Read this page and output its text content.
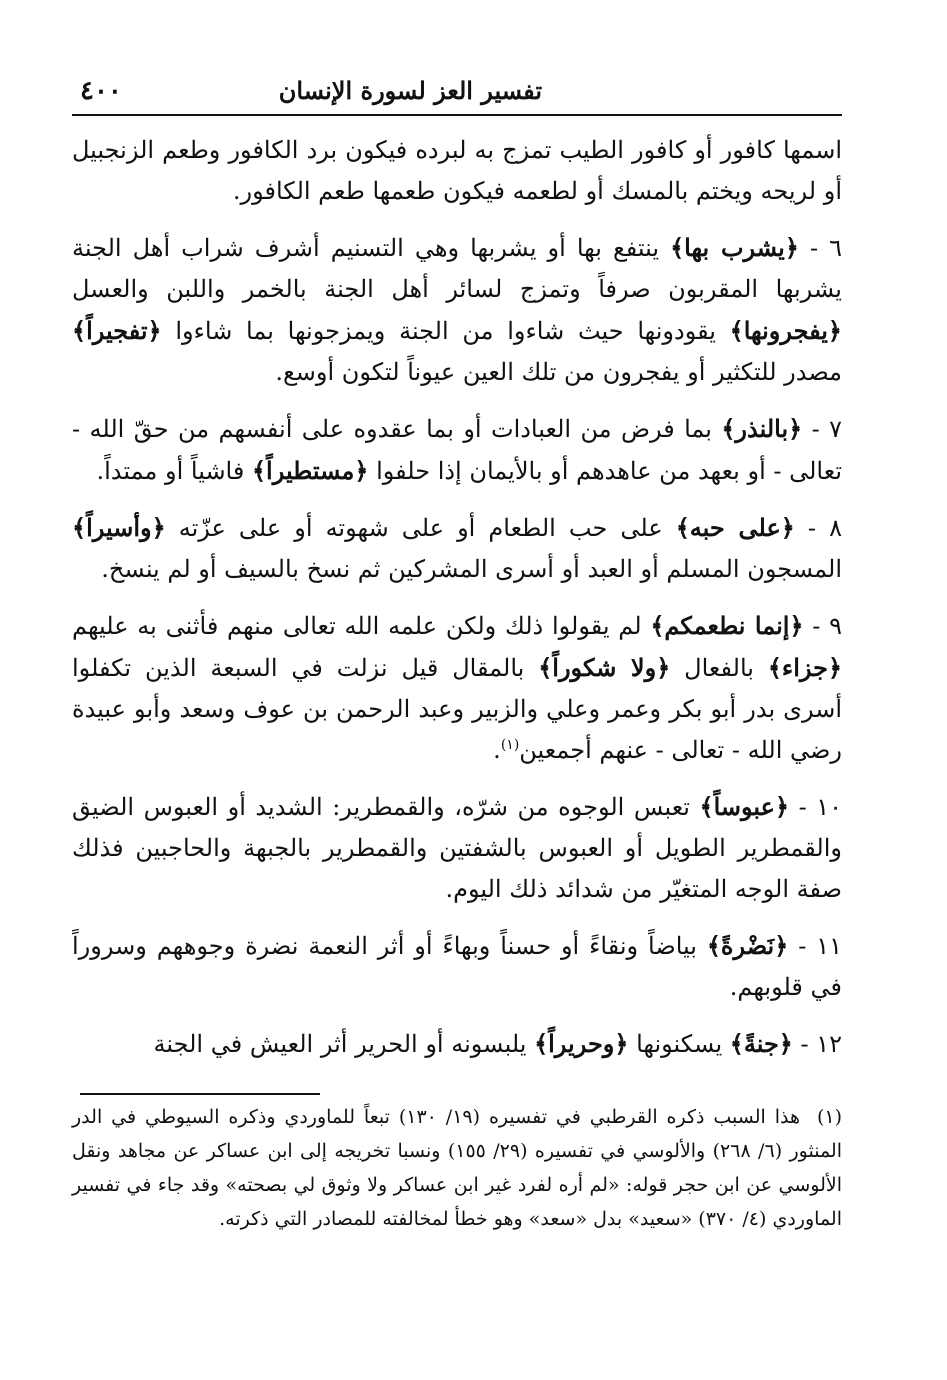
تفسير العز لسورة الإنسان
٤٠٠

اسمها كافور أو كافور الطيب تمزج به لبرده فيكون برد الكافور وطعم الزنجبيل أو لريحه ويختم بالمسك أو لطعمه فيكون طعمها طعم الكافور.

٦ - ﴿يشرب بها﴾ ينتفع بها أو يشربها وهي التسنيم أشرف شراب أهل الجنة يشربها المقربون صرفاً وتمزج لسائر أهل الجنة بالخمر واللبن والعسل ﴿يفجرونها﴾ يقودونها حيث شاءوا من الجنة ويمزجونها بما شاءوا ﴿تفجيراً﴾ مصدر للتكثير أو يفجرون من تلك العين عيوناً لتكون أوسع.

٧ - ﴿بالنذر﴾ بما فرض من العبادات أو بما عقدوه على أنفسهم من حقّ الله - تعالى - أو بعهد من عاهدهم أو بالأيمان إذا حلفوا ﴿مستطيراً﴾ فاشياً أو ممتداً.

٨ - ﴿على حبه﴾ على حب الطعام أو على شهوته أو على عزّته ﴿وأسيراً﴾ المسجون المسلم أو العبد أو أسرى المشركين ثم نسخ بالسيف أو لم ينسخ.

٩ - ﴿إنما نطعمكم﴾ لم يقولوا ذلك ولكن علمه الله تعالى منهم فأثنى به عليهم ﴿جزاء﴾ بالفعال ﴿ولا شكوراً﴾ بالمقال قيل نزلت في السبعة الذين تكفلوا أسرى بدر أبو بكر وعمر وعلي والزبير وعبد الرحمن بن عوف وسعد وأبو عبيدة رضي الله - تعالى - عنهم أجمعين$^{(١)}$.

١٠ - ﴿عبوساً﴾ تعبس الوجوه من شرّه، والقمطرير: الشديد أو العبوس الضيق والقمطرير الطويل أو العبوس بالشفتين والقمطرير بالجبهة والحاجبين فذلك صفة الوجه المتغيّر من شدائد ذلك اليوم.

١١ - ﴿نَضْرةً﴾ بياضاً ونقاءً أو حسناً وبهاءً أو أثر النعمة نضرة وجوههم وسروراً في قلوبهم.

١٢ - ﴿جنةً﴾ يسكنونها ﴿وحريراً﴾ يلبسونه أو الحرير أثر العيش في الجنة

(١)هذا السبب ذكره القرطبي في تفسيره (١٩/ ١٣٠) تبعاً للماوردي وذكره السيوطي في الدر المنثور (٦/ ٢٦٨) والألوسي في تفسيره (٢٩/ ١٥٥) ونسبا تخريجه إلى ابن عساكر عن مجاهد ونقل الألوسي عن ابن حجر قوله: «لم أره لفرد غير ابن عساكر ولا وثوق لي بصحته» وقد جاء في تفسير الماوردي (٤/ ٣٧٠) «سعيد» بدل «سعد» وهو خطأ لمخالفته للمصادر التي ذكرته.
